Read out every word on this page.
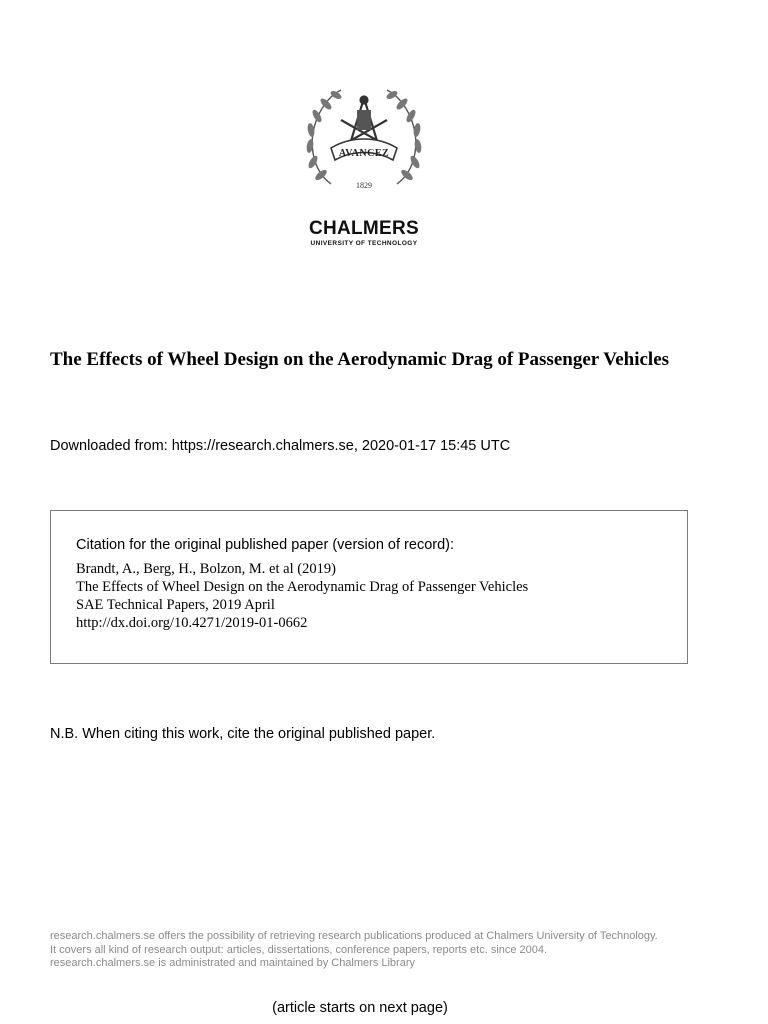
AVANCEZ
1829
CHALMERS
UNIVERSITY OF TECHNOLOGY
The Effects of Wheel Design on the Aerodynamic Drag of Passenger Vehicles
Downloaded from: https://research.chalmers.se, 2020-01-17 15:45 UTC
Citation for the original published paper (version of record):
Brandt, A., Berg, H., Bolzon, M. et al (2019)
The Effects of Wheel Design on the Aerodynamic Drag of Passenger Vehicles
SAE Technical Papers, 2019 April
http://dx.doi.org/10.4271/2019-01-0662
N.B. When citing this work, cite the original published paper.
research.chalmers.se offers the possibility of retrieving research publications produced at Chalmers University of Technology.
It covers all kind of research output: articles, dissertations, conference papers, reports etc. since 2004.
research.chalmers.se is administrated and maintained by Chalmers Library
(article starts on next page)
